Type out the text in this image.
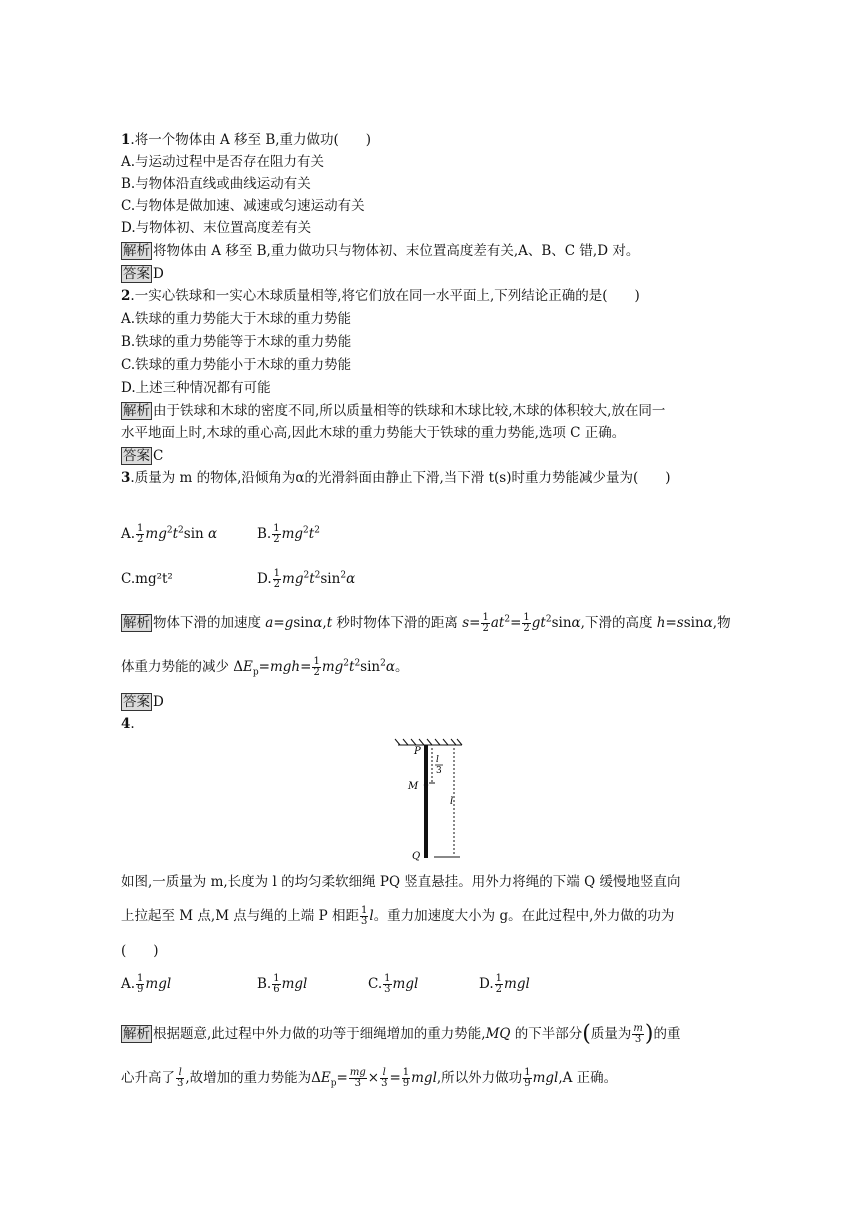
1.将一个物体由 A 移至 B,重力做功(　　)
A.与运动过程中是否存在阻力有关
B.与物体沿直线或曲线运动有关
C.与物体是做加速、减速或匀速运动有关
D.与物体初、末位置高度差有关
解析 将物体由 A 移至 B,重力做功只与物体初、末位置高度差有关,A、B、C 错,D 对。
答案 D
2.一实心铁球和一实心木球质量相等,将它们放在同一水平面上,下列结论正确的是(　　)
A.铁球的重力势能大于木球的重力势能
B.铁球的重力势能等于木球的重力势能
C.铁球的重力势能小于木球的重力势能
D.上述三种情况都有可能
解析 由于铁球和木球的密度不同,所以质量相等的铁球和木球比较,木球的体积较大,放在同一
水平地面上时,木球的重心高,因此木球的重力势能大于铁球的重力势能,选项 C 正确。
答案 C
3.质量为 m 的物体,沿倾角为α的光滑斜面由静止下滑,当下滑 t(s)时重力势能减少量为(　　)
A. $\frac{1}{2} mg^2t^2\sin$ α	B. $\frac{1}{2} mg^2t^2$
C.mg²t²	D. $\frac{1}{2} mg^2t^2\sin^2\alpha$
解析 物体下滑的加速度 a=gsinα,t 秒时物体下滑的距离 $s= \frac{1}{2} at^2= \frac{1}{2} gt^2\sin\alpha$,下滑的高度 h=ssinα,物
体重力势能的减少 $\Delta E_p=mgh= \frac{1}{2} mg^2t^2\sin^2\alpha$。
答案 D
4.
P
M
Q
l
3
l
如图,一质量为 m,长度为 l 的均匀柔软细绳 PQ 竖直悬挂。用外力将绳的下端 Q 缓慢地竖直向
上拉起至 M 点,M 点与绳的上端 P 相距 $\frac{1}{3}$ l。重力加速度大小为 g。在此过程中,外力做的功为
(　　)
A. $\frac{1}{9}$ mgl	B. $\frac{1}{6}$ mgl	C. $\frac{1}{3}$ mgl	D. $\frac{1}{2}$ mgl
解析 根据题意,此过程中外力做的功等于细绳增加的重力势能,MQ 的下半部分(质量为 $\frac{m}{3}$ )的重
心升高了 $\frac{l}{3}$ ,故增加的重力势能为$\Delta E_p= \frac{mg}{3} \times \frac{l}{3} = \frac{1}{9}$ mgl,所以外力做功 $\frac{1}{9} mgl,A$ 正确。
